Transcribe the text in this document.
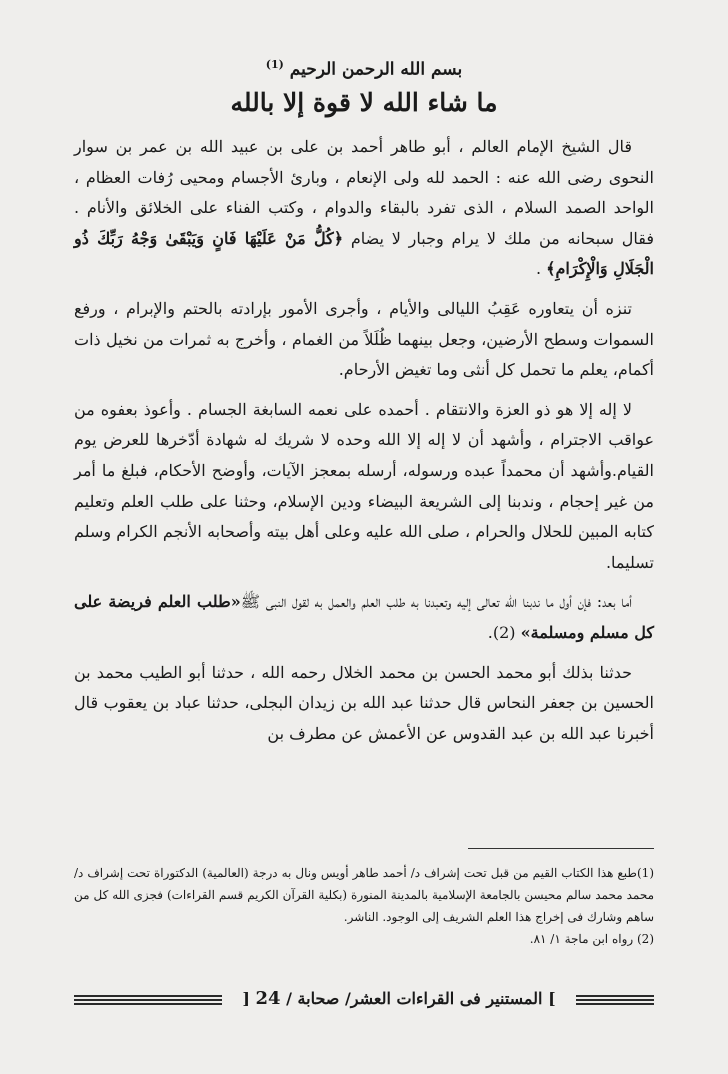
بسم الله الرحمن الرحيم $^{(1)}$
ما شاء الله لا قوة إلا بالله

قال الشيخ الإمام العالم ، أبو طاهر أحمد بن على بن عبيد الله بن عمر بن سوار النحوى رضى الله عنه : الحمد لله ولى الإنعام ، وبارئ الأجسام ومحيى رُفات العظام ، الواحد الصمد السلام ، الذى تفرد بالبقاء والدوام ، وكتب الفناء على الخلائق والأنام . فقال سبحانه من ملك لا يرام وجبار لا يضام ﴿كُلُّ مَنْ عَلَيْهَا فَانٍ وَيَبْقَىٰ وَجْهُ رَبِّكَ ذُو الْجَلَالِ وَالْإِكْرَامِ﴾ .

تنزه أن يتعاوره عَقِبُ الليالى والأيام ، وأجرى الأمور بإرادته بالحتم والإبرام ، ورفع السموات وسطح الأرضين، وجعل بينهما ظُلَلاً من الغمام ، وأخرج به ثمرات من نخيل ذات أكمام، يعلم ما تحمل كل أنثى وما تغيض الأرحام.

لا إله إلا هو ذو العزة والانتقام . أحمده على نعمه السابغة الجسام . وأعوذ بعفوه من عواقب الاجترام ، وأشهد أن لا إله إلا الله وحده لا شريك له شهادة أدّخرها للعرض يوم القيام.وأشهد أن محمداً عبده ورسوله، أرسله بمعجز الآيات، وأوضح الأحكام، فبلغ ما أمر من غير إحجام ، وندبنا إلى الشريعة البيضاء ودين الإسلام، وحثنا على طلب العلم وتعليم كتابه المبين للحلال والحرام ، صلى الله عليه وعلى أهل بيته وأصحابه الأنجم الكرام وسلم تسليما.

أما بعد: فإن أول ما ندبنا الله تعالى إليه وتعبدنا به طلب العلم والعمل به لقول النبى ﷺ«طلب العلم فريضة على كل مسلم ومسلمة» (2).

حدثنا بذلك أبو محمد الحسن بن محمد الخلال رحمه الله ، حدثنا أبو الطيب محمد بن الحسين بن جعفر النحاس قال حدثنا عبد الله بن زيدان البجلى، حدثنا عباد بن يعقوب قال أخبرنا عبد الله بن عبد القدوس عن الأعمش عن مطرف بن

(1)طبع هذا الكتاب القيم من قبل تحت إشراف د/ أحمد طاهر أويس ونال به درجة (العالمية) الدكتوراة تحت إشراف د/ محمد محمد سالم محيسن بالجامعة الإسلامية بالمدينة المنورة (بكلية القرآن الكريم قسم القراءات) فجزى الله كل من ساهم وشارك فى إخراج هذا العلم الشريف إلى الوجود. الناشر.

(2) رواه ابن ماجة ١/ ٨١.

] المستنير فى القراءات العشر/ صحابة / 24 [
